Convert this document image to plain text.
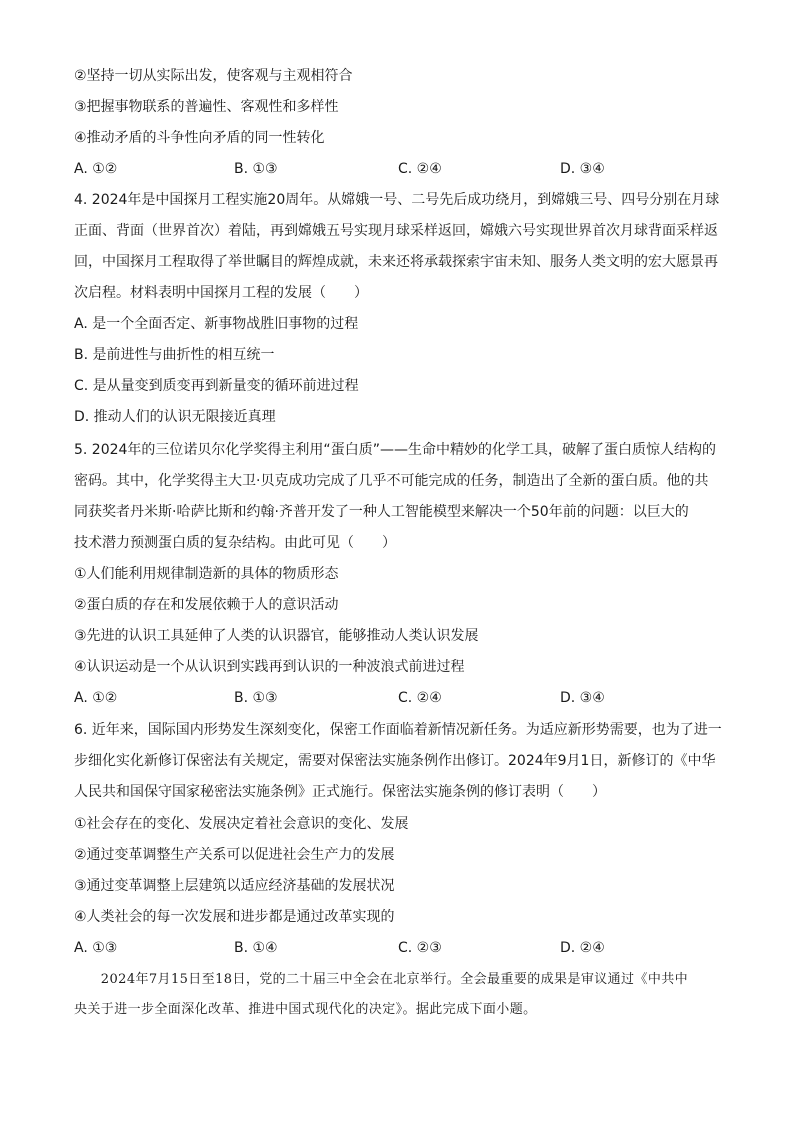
②坚持一切从实际出发，使客观与主观相符合
③把握事物联系的普遍性、客观性和多样性
④推动矛盾的斗争性向矛盾的同一性转化
A. ①②	B. ①③	C. ②④	D. ③④
4. 2024年是中国探月工程实施20周年。从嫦娥一号、二号先后成功绕月，到嫦娥三号、四号分别在月球
正面、背面（世界首次）着陆，再到嫦娥五号实现月球采样返回，嫦娥六号实现世界首次月球背面采样返
回，中国探月工程取得了举世瞩目的辉煌成就，未来还将承载探索宇宙未知、服务人类文明的宏大愿景再
次启程。材料表明中国探月工程的发展（　　）
A. 是一个全面否定、新事物战胜旧事物的过程
B. 是前进性与曲折性的相互统一
C. 是从量变到质变再到新量变的循环前进过程
D. 推动人们的认识无限接近真理
5. 2024年的三位诺贝尔化学奖得主利用“蛋白质”——生命中精妙的化学工具，破解了蛋白质惊人结构的
密码。其中，化学奖得主大卫·贝克成功完成了几乎不可能完成的任务，制造出了全新的蛋白质。他的共
同获奖者丹米斯·哈萨比斯和约翰·齐普开发了一种人工智能模型来解决一个50年前的问题：以巨大的
技术潜力预测蛋白质的复杂结构。由此可见（　　）
①人们能利用规律制造新的具体的物质形态
②蛋白质的存在和发展依赖于人的意识活动
③先进的认识工具延伸了人类的认识器官，能够推动人类认识发展
④认识运动是一个从认识到实践再到认识的一种波浪式前进过程
A. ①②	B. ①③	C. ②④	D. ③④
6. 近年来，国际国内形势发生深刻变化，保密工作面临着新情况新任务。为适应新形势需要，也为了进一
步细化实化新修订保密法有关规定，需要对保密法实施条例作出修订。2024年9月1日，新修订的《中华
人民共和国保守国家秘密法实施条例》正式施行。保密法实施条例的修订表明（　　）
①社会存在的变化、发展决定着社会意识的变化、发展
②通过变革调整生产关系可以促进社会生产力的发展
③通过变革调整上层建筑以适应经济基础的发展状况
④人类社会的每一次发展和进步都是通过改革实现的
A. ①③	B. ①④	C. ②③	D. ②④
　　2024年7月15日至18日，党的二十届三中全会在北京举行。全会最重要的成果是审议通过《中共中
央关于进一步全面深化改革、推进中国式现代化的决定》。据此完成下面小题。
